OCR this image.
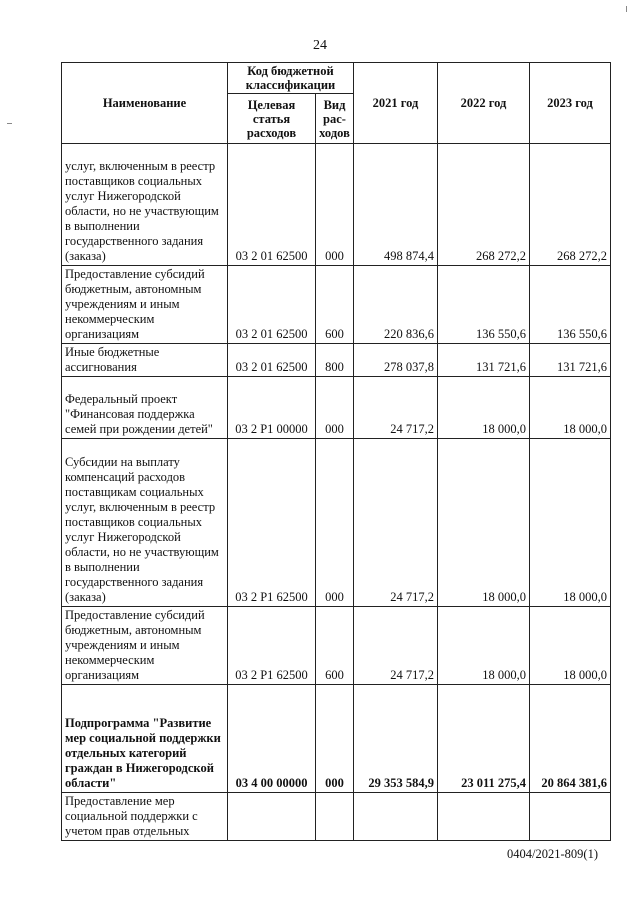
24
Наименование	Код бюджетной классификации		2021 год	2022 год	2023 год
	Целевая статья расходов	Вид рас-ходов			
услуг, включенным в реестр поставщиков социальных услуг Нижегородской области, но не участвующим в выполнении государственного задания (заказа)	03 2 01 62500	000	498 874,4	268 272,2	268 272,2
Предоставление субсидий бюджетным, автономным учреждениям и иным некоммерческим организациям	03 2 01 62500	600	220 836,6	136 550,6	136 550,6
Иные бюджетные ассигнования	03 2 01 62500	800	278 037,8	131 721,6	131 721,6
Федеральный проект "Финансовая поддержка семей при рождении детей"	03 2 P1 00000	000	24 717,2	18 000,0	18 000,0
Субсидии на выплату компенсаций расходов поставщикам социальных услуг, включенным в реестр поставщиков социальных услуг Нижегородской области, но не участвующим в выполнении государственного задания (заказа)	03 2 P1 62500	000	24 717,2	18 000,0	18 000,0
Предоставление субсидий бюджетным, автономным учреждениям и иным некоммерческим организациям	03 2 P1 62500	600	24 717,2	18 000,0	18 000,0
Подпрограмма "Развитие мер социальной поддержки отдельных категорий граждан в Нижегородской области"	03 4 00 00000	000	29 353 584,9	23 011 275,4	20 864 381,6
Предоставление мер социальной поддержки с учетом прав отдельных					
0404/2021-809(1)
